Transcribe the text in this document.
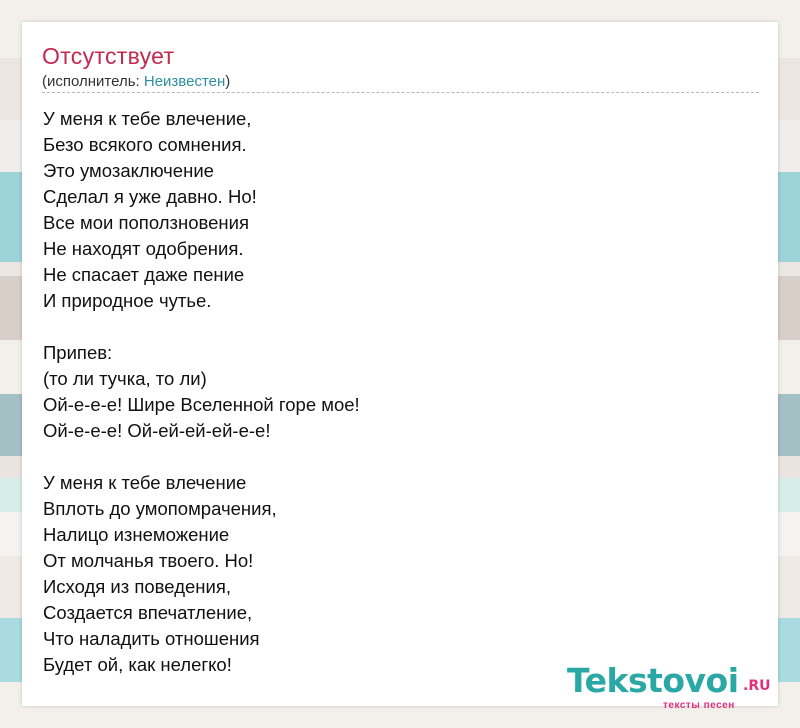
Отсутствует
(исполнитель: Неизвестен)
У меня к тебе влечение,
Безо всякого сомнения.
Это умозаключение
Сделал я уже давно. Но!
Все мои поползновения
Не находят одобрения.
Не спасает даже пение
И природное чутье.
Припев:
(то ли тучка, то ли)
Ой-е-е-е! Шире Вселенной горе мое!
Ой-е-е-е! Ой-ей-ей-ей-е-е!
У меня к тебе влечение
Вплоть до умопомрачения,
Налицо изнеможение
От молчанья твоего. Но!
Исходя из поведения,
Создается впечатление,
Что наладить отношения
Будет ой, как нелегко!	Tekstovoi .RU
тексты песен
